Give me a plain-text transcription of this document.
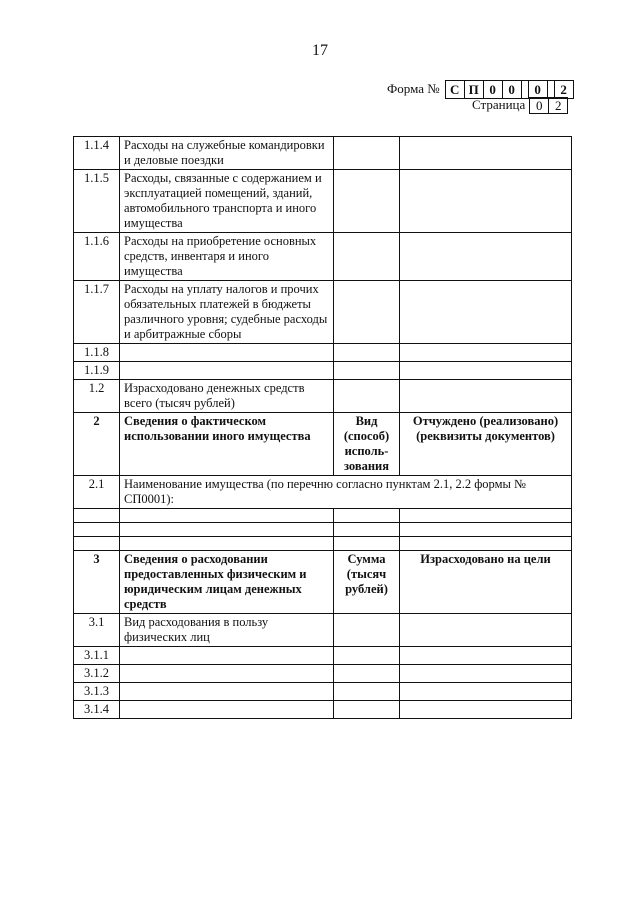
17
Форма № С П 0 0	0	2
Страница 0 2
1.1.4	Расходы на служебные командировки и деловые поездки		
1.1.5	Расходы, связанные с содержанием и эксплуатацией помещений, зданий, автомобильного транспорта и иного имущества		
1.1.6	Расходы на приобретение основных средств, инвентаря и иного имущества		
1.1.7	Расходы на уплату налогов и прочих обязательных платежей в бюджеты различного уровня; судебные расходы и арбитражные сборы		
1.1.8			
1.1.9			
1.2	Израсходовано денежных средств всего (тысяч рублей)		
2	Сведения о фактическом использовании иного имущества	Вид (способ) исполь- зования	Отчуждено (реализовано) (реквизиты документов)
2.1	Наименование имущества (по перечню согласно пунктам 2.1, 2.2 формы № СП0001):		

3	Сведения о расходовании предоставленных физическим и юридическим лицам денежных средств	Сумма (тысяч рублей)	Израсходовано на цели
3.1	Вид расходования в пользу физических лиц		
3.1.1			
3.1.2			
3.1.3			
3.1.4			
